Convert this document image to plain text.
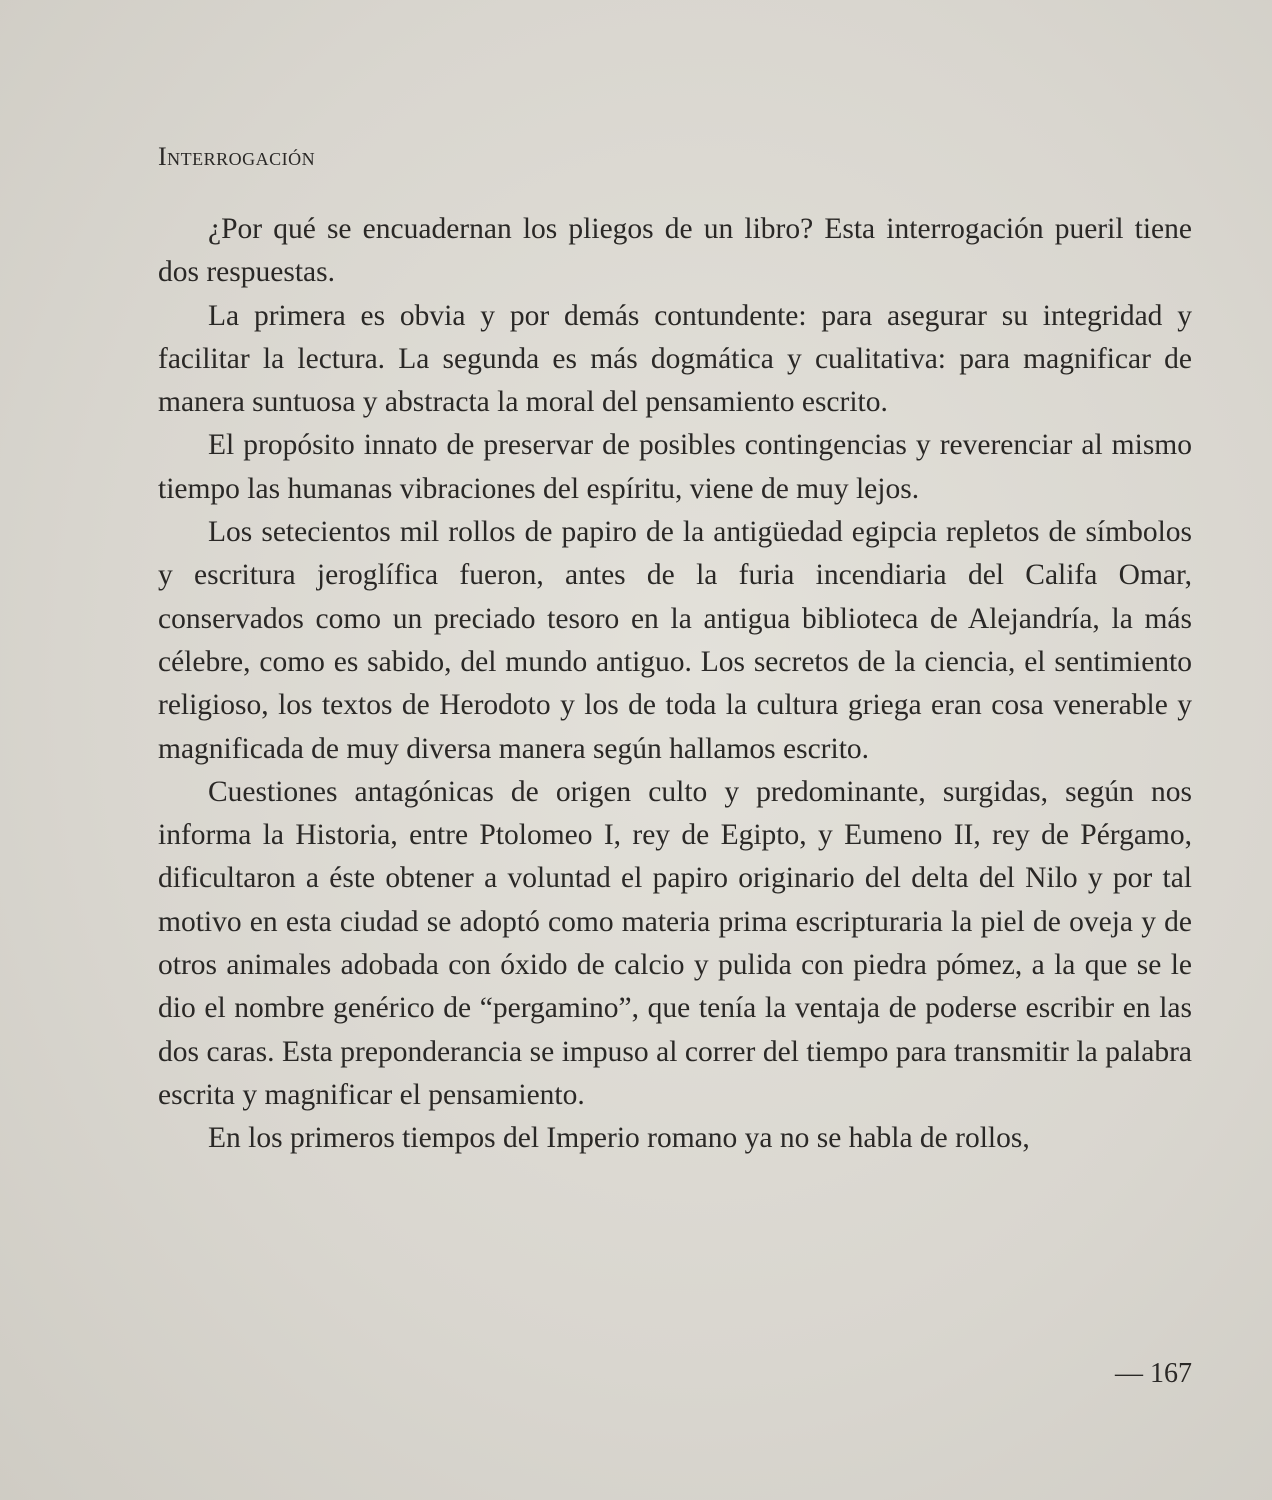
Interrogación

¿Por qué se encuadernan los pliegos de un libro? Esta interrogación pueril tiene dos respuestas.

La primera es obvia y por demás contundente: para asegurar su integridad y facilitar la lectura. La segunda es más dogmática y cualitativa: para magnificar de manera suntuosa y abstracta la moral del pensamiento escrito.

El propósito innato de preservar de posibles contingencias y reverenciar al mismo tiempo las humanas vibraciones del espíritu, viene de muy lejos.

Los setecientos mil rollos de papiro de la antigüedad egipcia repletos de símbolos y escritura jeroglífica fueron, antes de la furia incendiaria del Califa Omar, conservados como un preciado tesoro en la antigua biblioteca de Alejandría, la más célebre, como es sabido, del mundo antiguo. Los secretos de la ciencia, el sentimiento religioso, los textos de Herodoto y los de toda la cultura griega eran cosa venerable y magnificada de muy diversa manera según hallamos escrito.

Cuestiones antagónicas de origen culto y predominante, surgidas, según nos informa la Historia, entre Ptolomeo I, rey de Egipto, y Eumeno II, rey de Pérgamo, dificultaron a éste obtener a voluntad el papiro originario del delta del Nilo y por tal motivo en esta ciudad se adoptó como materia prima escripturaria la piel de oveja y de otros animales adobada con óxido de calcio y pulida con piedra pómez, a la que se le dio el nombre genérico de “pergamino”, que tenía la ventaja de poderse escribir en las dos caras. Esta preponderancia se impuso al correr del tiempo para transmitir la palabra escrita y magnificar el pensamiento.

En los primeros tiempos del Imperio romano ya no se habla de rollos,

— 167
